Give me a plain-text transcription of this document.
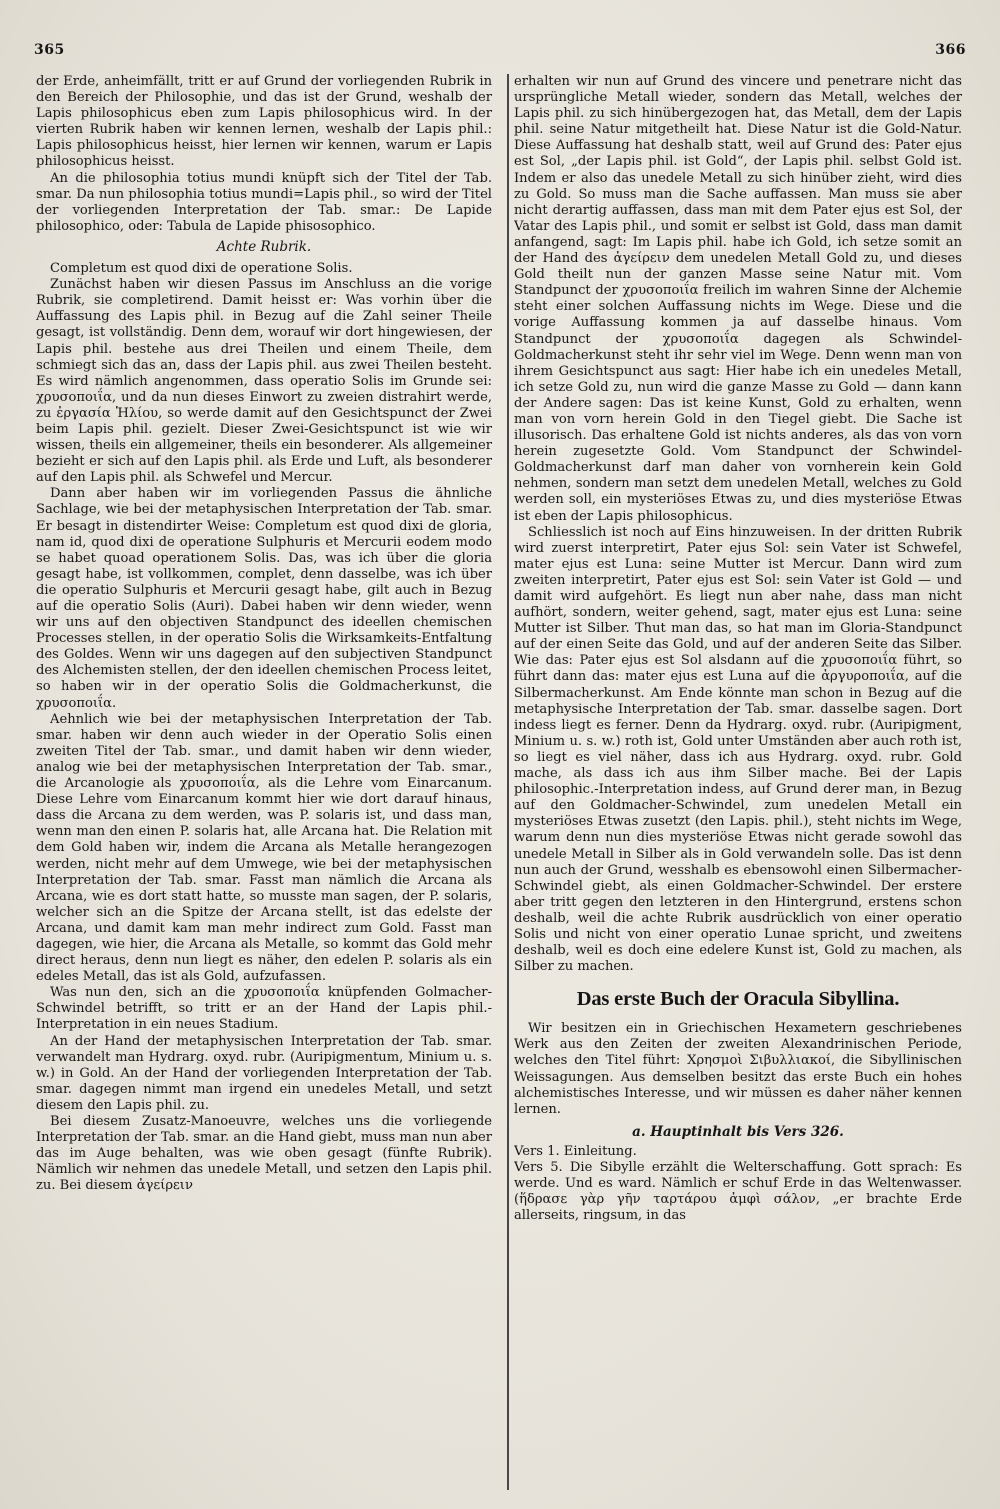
365	366

der Erde, anheimfällt, tritt er auf Grund der vorliegenden Rubrik in den Bereich der Philosophie, und das ist der Grund, weshalb der Lapis philosophicus eben zum Lapis philosophicus wird. In der vierten Rubrik haben wir kennen lernen, weshalb der Lapis phil.: Lapis philosophicus heisst, hier lernen wir kennen, warum er Lapis philosophicus heisst.

An die philosophia totius mundi knüpft sich der Titel der Tab. smar. Da nun philosophia totius mundi=Lapis phil., so wird der Titel der vorliegenden Interpretation der Tab. smar.: De Lapide philosophico, oder: Tabula de Lapide phisosophico.

Achte Rubrik.

Completum est quod dixi de operatione Solis.

Zunächst haben wir diesen Passus im Anschluss an die vorige Rubrik, sie completirend. Damit heisst er: Was vorhin über die Auffassung des Lapis phil. in Bezug auf die Zahl seiner Theile gesagt, ist vollständig. Denn dem, worauf wir dort hingewiesen, der Lapis phil. bestehe aus drei Theilen und einem Theile, dem schmiegt sich das an, dass der Lapis phil. aus zwei Theilen besteht. Es wird nämlich angenommen, dass operatio Solis im Grunde sei: χρυσοποιΐα, und da nun dieses Einwort zu zweien distrahirt werde, zu ἐργασία Ἡλίου, so werde damit auf den Gesichtspunct der Zwei beim Lapis phil. gezielt. Dieser Zwei-Gesichtspunct ist wie wir wissen, theils ein allgemeiner, theils ein besonderer. Als allgemeiner bezieht er sich auf den Lapis phil. als Erde und Luft, als besonderer auf den Lapis phil. als Schwefel und Mercur.

Dann aber haben wir im vorliegenden Passus die ähnliche Sachlage, wie bei der metaphysischen Interpretation der Tab. smar. Er besagt in distendirter Weise: Completum est quod dixi de gloria, nam id, quod dixi de operatione Sulphuris et Mercurii eodem modo se habet quoad operationem Solis. Das, was ich über die gloria gesagt habe, ist vollkommen, complet, denn dasselbe, was ich über die operatio Sulphuris et Mercurii gesagt habe, gilt auch in Bezug auf die operatio Solis (Auri). Dabei haben wir denn wieder, wenn wir uns auf den objectiven Standpunct des ideellen chemischen Processes stellen, in der operatio Solis die Wirksamkeits-Entfaltung des Goldes. Wenn wir uns dagegen auf den subjectiven Standpunct des Alchemisten stellen, der den ideellen chemischen Process leitet, so haben wir in der operatio Solis die Goldmacherkunst, die χρυσοποιΐα.

Aehnlich wie bei der metaphysischen Interpretation der Tab. smar. haben wir denn auch wieder in der Operatio Solis einen zweiten Titel der Tab. smar., und damit haben wir denn wieder, analog wie bei der metaphysischen Interpretation der Tab. smar., die Arcanologie als χρυσοποιΐα, als die Lehre vom Einarcanum. Diese Lehre vom Einarcanum kommt hier wie dort darauf hinaus, dass die Arcana zu dem werden, was P. solaris ist, und dass man, wenn man den einen P. solaris hat, alle Arcana hat. Die Relation mit dem Gold haben wir, indem die Arcana als Metalle herangezogen werden, nicht mehr auf dem Umwege, wie bei der metaphysischen Interpretation der Tab. smar. Fasst man nämlich die Arcana als Arcana, wie es dort statt hatte, so musste man sagen, der P. solaris, welcher sich an die Spitze der Arcana stellt, ist das edelste der Arcana, und damit kam man mehr indirect zum Gold. Fasst man dagegen, wie hier, die Arcana als Metalle, so kommt das Gold mehr direct heraus, denn nun liegt es näher, den edelen P. solaris als ein edeles Metall, das ist als Gold, aufzufassen.

Was nun den, sich an die χρυσοποιΐα knüpfenden Golmacher-Schwindel betrifft, so tritt er an der Hand der Lapis phil.-Interpretation in ein neues Stadium.

An der Hand der metaphysischen Interpretation der Tab. smar. verwandelt man Hydrarg. oxyd. rubr. (Auripigmentum, Minium u. s. w.) in Gold. An der Hand der vorliegenden Interpretation der Tab. smar. dagegen nimmt man irgend ein unedeles Metall, und setzt diesem den Lapis phil. zu.

Bei diesem Zusatz-Manoeuvre, welches uns die vorliegende Interpretation der Tab. smar. an die Hand giebt, muss man nun aber das im Auge behalten, was wie oben gesagt (fünfte Rubrik). Nämlich wir nehmen das unedele Metall, und setzen den Lapis phil. zu. Bei diesem ἀγείρειν

erhalten wir nun auf Grund des vincere und penetrare nicht das ursprüngliche Metall wieder, sondern das Metall, welches der Lapis phil. zu sich hinübergezogen hat, das Metall, dem der Lapis phil. seine Natur mitgetheilt hat. Diese Natur ist die Gold-Natur. Diese Auffassung hat deshalb statt, weil auf Grund des: Pater ejus est Sol, „der Lapis phil. ist Gold“, der Lapis phil. selbst Gold ist. Indem er also das unedele Metall zu sich hinüber zieht, wird dies zu Gold. So muss man die Sache auffassen. Man muss sie aber nicht derartig auffassen, dass man mit dem Pater ejus est Sol, der Vatar des Lapis phil., und somit er selbst ist Gold, dass man damit anfangend, sagt: Im Lapis phil. habe ich Gold, ich setze somit an der Hand des ἀγείρειν dem unedelen Metall Gold zu, und dieses Gold theilt nun der ganzen Masse seine Natur mit. Vom Standpunct der χρυσοποιΐα freilich im wahren Sinne der Alchemie steht einer solchen Auffassung nichts im Wege. Diese und die vorige Auffassung kommen ja auf dasselbe hinaus. Vom Standpunct der χρυσοποιΐα dagegen als Schwindel-Goldmacherkunst steht ihr sehr viel im Wege. Denn wenn man von ihrem Gesichtspunct aus sagt: Hier habe ich ein unedeles Metall, ich setze Gold zu, nun wird die ganze Masse zu Gold — dann kann der Andere sagen: Das ist keine Kunst, Gold zu erhalten, wenn man von vorn herein Gold in den Tiegel giebt. Die Sache ist illusorisch. Das erhaltene Gold ist nichts anderes, als das von vorn herein zugesetzte Gold. Vom Standpunct der Schwindel-Goldmacherkunst darf man daher von vornherein kein Gold nehmen, sondern man setzt dem unedelen Metall, welches zu Gold werden soll, ein mysteriöses Etwas zu, und dies mysteriöse Etwas ist eben der Lapis philosophicus.

Schliesslich ist noch auf Eins hinzuweisen. In der dritten Rubrik wird zuerst interpretirt, Pater ejus Sol: sein Vater ist Schwefel, mater ejus est Luna: seine Mutter ist Mercur. Dann wird zum zweiten interpretirt, Pater ejus est Sol: sein Vater ist Gold — und damit wird aufgehört. Es liegt nun aber nahe, dass man nicht aufhört, sondern, weiter gehend, sagt, mater ejus est Luna: seine Mutter ist Silber. Thut man das, so hat man im Gloria-Standpunct auf der einen Seite das Gold, und auf der anderen Seite das Silber. Wie das: Pater ejus est Sol alsdann auf die χρυσοποιΐα führt, so führt dann das: mater ejus est Luna auf die ἀργυροποιΐα, auf die Silbermacherkunst. Am Ende könnte man schon in Bezug auf die metaphysische Interpretation der Tab. smar. dasselbe sagen. Dort indess liegt es ferner. Denn da Hydrarg. oxyd. rubr. (Auripigment, Minium u. s. w.) roth ist, Gold unter Umständen aber auch roth ist, so liegt es viel näher, dass ich aus Hydrarg. oxyd. rubr. Gold mache, als dass ich aus ihm Silber mache. Bei der Lapis philosophic.-Interpretation indess, auf Grund derer man, in Bezug auf den Goldmacher-Schwindel, zum unedelen Metall ein mysteriöses Etwas zusetzt (den Lapis. phil.), steht nichts im Wege, warum denn nun dies mysteriöse Etwas nicht gerade sowohl das unedele Metall in Silber als in Gold verwandeln solle. Das ist denn nun auch der Grund, wesshalb es ebensowohl einen Silbermacher-Schwindel giebt, als einen Goldmacher-Schwindel. Der erstere aber tritt gegen den letzteren in den Hintergrund, erstens schon deshalb, weil die achte Rubrik ausdrücklich von einer operatio Solis und nicht von einer operatio Lunae spricht, und zweitens deshalb, weil es doch eine edelere Kunst ist, Gold zu machen, als Silber zu machen.

Das erste Buch der Oracula Sibyllina.

Wir besitzen ein in Griechischen Hexametern geschriebenes Werk aus den Zeiten der zweiten Alexandrinischen Periode, welches den Titel führt: Χρησμοὶ Σιβυλλιακοί, die Sibyllinischen Weissagungen. Aus demselben besitzt das erste Buch ein hohes alchemistisches Interesse, und wir müssen es daher näher kennen lernen.

a. Hauptinhalt bis Vers 326.

Vers 1. Einleitung.

Vers 5. Die Sibylle erzählt die Welterschaffung. Gott sprach: Es werde. Und es ward. Nämlich er schuf Erde in das Weltenwasser. (ἥδρασε γὰρ γῆν ταρτάρου ἀμφὶ σάλον, „er brachte Erde allerseits, ringsum, in das
